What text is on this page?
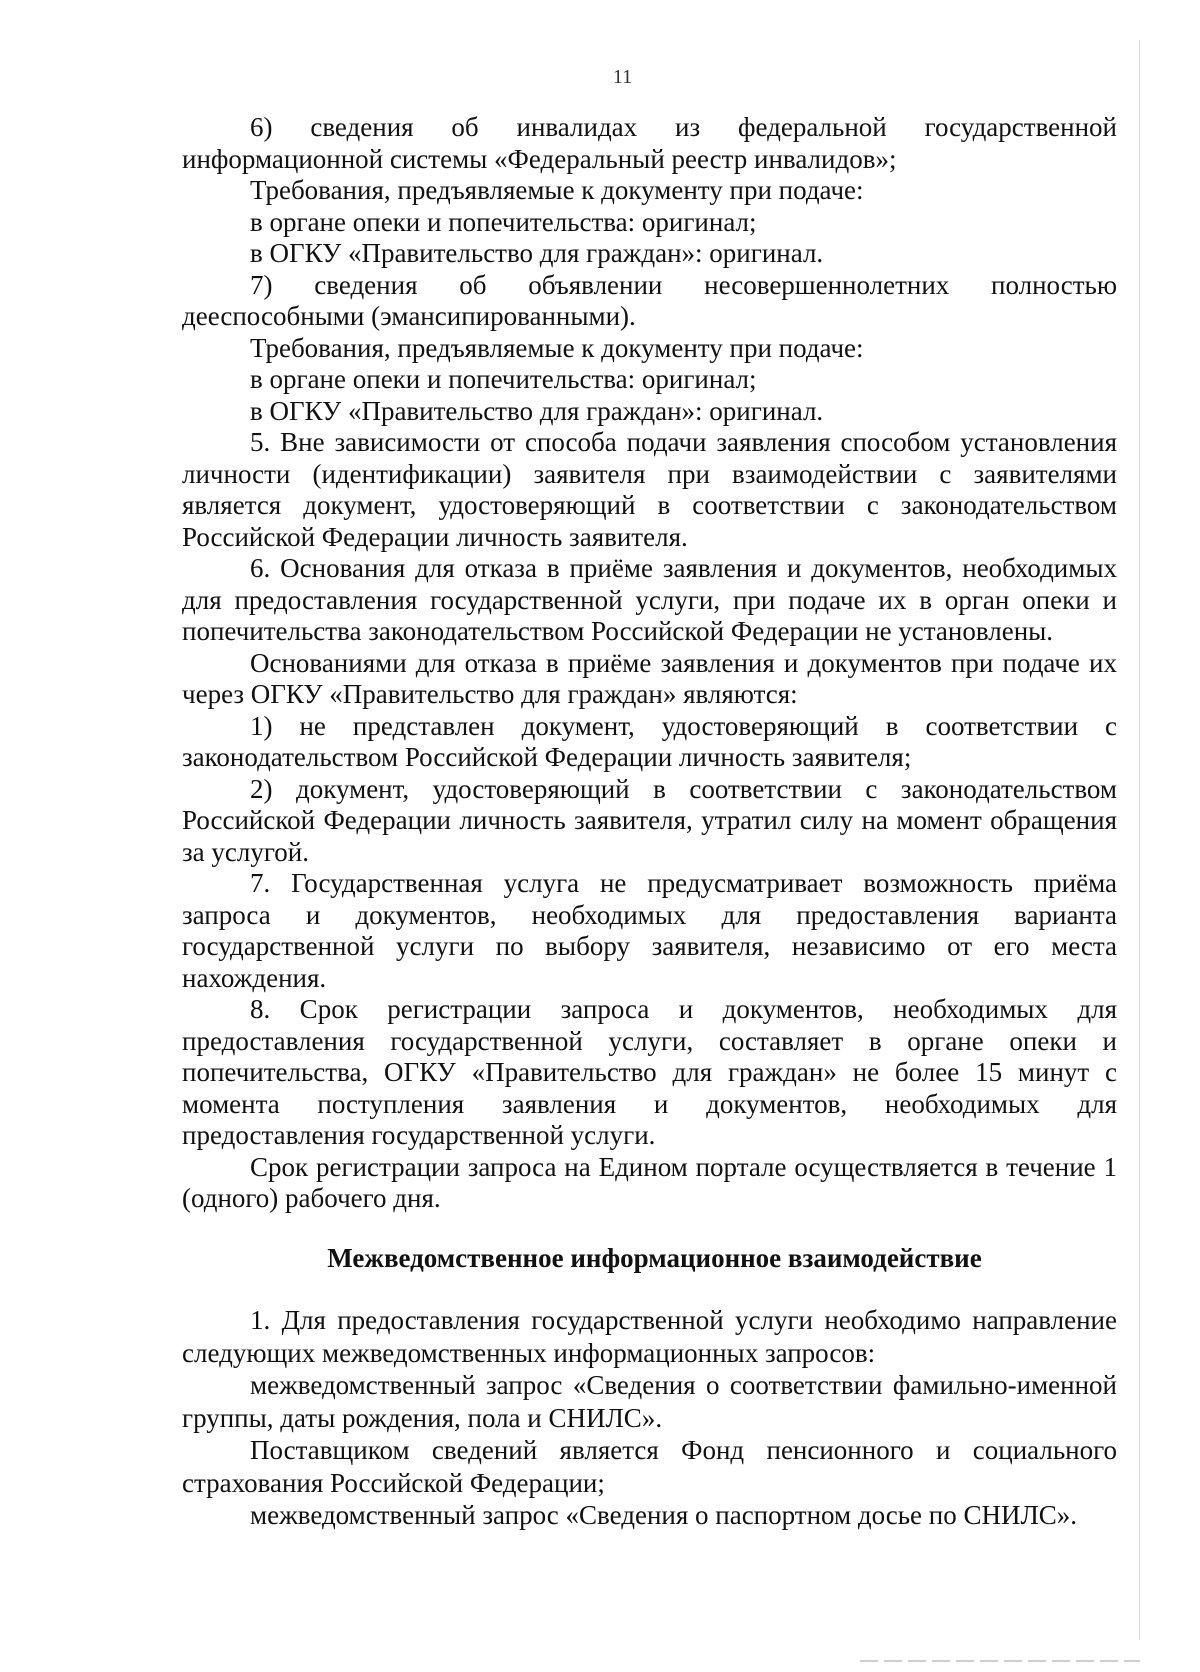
11

6) сведения об инвалидах из федеральной государственной информационной системы «Федеральный реестр инвалидов»;

Требования, предъявляемые к документу при подаче:

в органе опеки и попечительства: оригинал;

в ОГКУ «Правительство для граждан»: оригинал.

7) сведения об объявлении несовершеннолетних полностью дееспособными (эмансипированными).

Требования, предъявляемые к документу при подаче:

в органе опеки и попечительства: оригинал;

в ОГКУ «Правительство для граждан»: оригинал.

5. Вне зависимости от способа подачи заявления способом установления личности (идентификации) заявителя при взаимодействии с заявителями является документ, удостоверяющий в соответствии с законодательством Российской Федерации личность заявителя.

6. Основания для отказа в приёме заявления и документов, необходимых для предоставления государственной услуги, при подаче их в орган опеки и попечительства законодательством Российской Федерации не установлены.

Основаниями для отказа в приёме заявления и документов при подаче их через ОГКУ «Правительство для граждан» являются:

1) не представлен документ, удостоверяющий в соответствии с законодательством Российской Федерации личность заявителя;

2) документ, удостоверяющий в соответствии с законодательством Российской Федерации личность заявителя, утратил силу на момент обращения за услугой.

7. Государственная услуга не предусматривает возможность приёма запроса и документов, необходимых для предоставления варианта государственной услуги по выбору заявителя, независимо от его места нахождения.

8. Срок регистрации запроса и документов, необходимых для предоставления государственной услуги, составляет в органе опеки и попечительства, ОГКУ «Правительство для граждан» не более 15 минут с момента поступления заявления и документов, необходимых для предоставления государственной услуги.

Срок регистрации запроса на Едином портале осуществляется в течение 1 (одного) рабочего дня.

Межведомственное информационное взаимодействие

1. Для предоставления государственной услуги необходимо направление следующих межведомственных информационных запросов:

межведомственный запрос «Сведения о соответствии фамильно-именной группы, даты рождения, пола и СНИЛС».

Поставщиком сведений является Фонд пенсионного и социального страхования Российской Федерации;

межведомственный запрос «Сведения о паспортном досье по СНИЛС».
